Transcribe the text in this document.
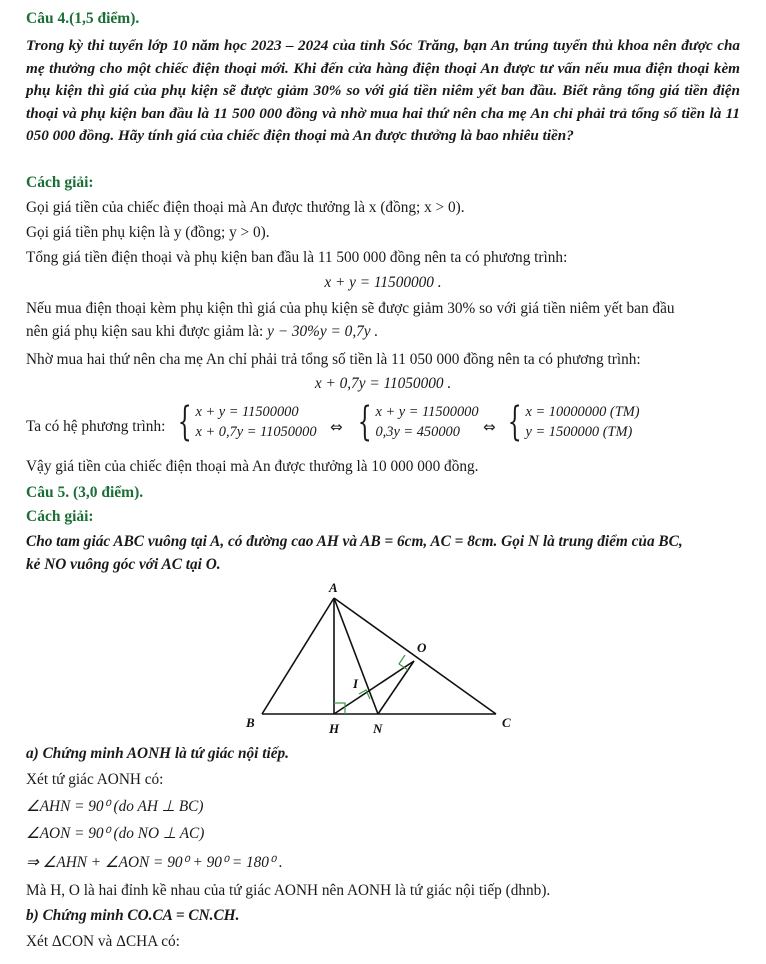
Câu 4.(1,5 điểm).
Trong kỳ thi tuyển lớp 10 năm học 2023 – 2024 của tỉnh Sóc Trăng, bạn An trúng tuyển thủ khoa nên được cha mẹ thưởng cho một chiếc điện thoại mới. Khi đến cửa hàng điện thoại An được tư vấn nếu mua điện thoại kèm phụ kiện thì giá của phụ kiện sẽ được giảm 30% so với giá tiền niêm yết ban đầu. Biết rằng tổng giá tiền điện thoại và phụ kiện ban đầu là 11 500 000 đồng và nhờ mua hai thứ nên cha mẹ An chỉ phải trả tổng số tiền là 11 050 000 đồng. Hãy tính giá của chiếc điện thoại mà An được thưởng là bao nhiêu tiền?
Cách giải:
Gọi giá tiền của chiếc điện thoại mà An được thưởng là x (đồng; x > 0).
Gọi giá tiền phụ kiện là y (đồng; y > 0).
Tổng giá tiền điện thoại và phụ kiện ban đầu là 11 500 000 đồng nên ta có phương trình:
x + y = 11500000 .
Nếu mua điện thoại kèm phụ kiện thì giá của phụ kiện sẽ được giảm 30% so với giá tiền niêm yết ban đầu
nên giá phụ kiện sau khi được giảm là: y − 30%y = 0,7y .
Nhờ mua hai thứ nên cha mẹ An chỉ phải trả tổng số tiền là 11 050 000 đồng nên ta có phương trình:
x + 0,7y = 11050000 .
Ta có hệ phương trình: { x + y = 11500000
x + 0,7y = 11050000 ⇔ { x + y = 11500000
0,3y = 450000	⇔ { x = 10000000 (TM)
y = 1500000 (TM)
Vậy giá tiền của chiếc điện thoại mà An được thưởng là 10 000 000 đồng.
Câu 5. (3,0 điểm).
Cách giải:
Cho tam giác ABC vuông tại A, có đường cao AH và AB = 6cm, AC = 8cm. Gọi N là trung điểm của BC,
kẻ NO vuông góc với AC tại O.
A
B	C
H	N
O
I
a) Chứng minh AONH là tứ giác nội tiếp.
Xét tứ giác AONH có:
∠AHN = 90⁰ (do AH ⊥ BC)
∠AON = 90⁰ (do NO ⊥ AC)
⇒ ∠AHN + ∠AON = 90⁰ + 90⁰ = 180⁰ .
Mà H, O là hai đỉnh kề nhau của tứ giác AONH nên AONH là tứ giác nội tiếp (dhnb).
b) Chứng minh CO.CA = CN.CH.
Xét ΔCON và ΔCHA có:
